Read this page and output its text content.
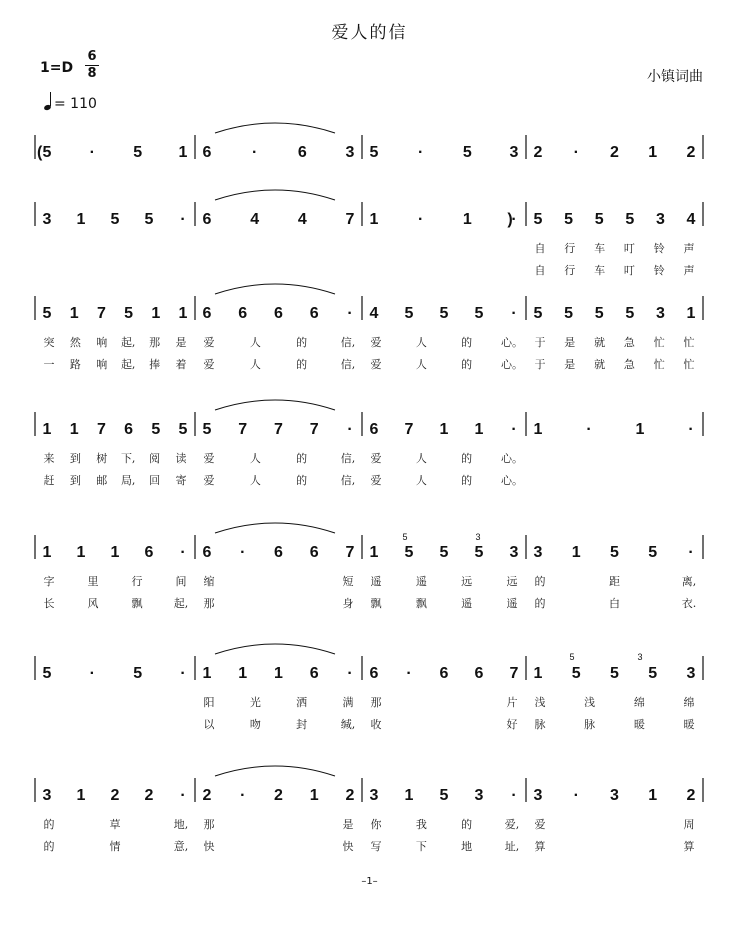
爱人的信
1=D
6
8
= 110
小镇词曲
5 · 5 1 6	·	6 3 5 · 5 3 2 · 2 1 2
3 1 5 5 · 6 4 4 7 1 · 1 · 5 5 5 5 3 4
自 行 车 叮 铃 声
自 行 车 叮 铃 声
5 1 7 5 1 1
突 然 响 起, 那 是
一 路 响 起, 捧 着
6 6 6 6 ·
爱	人	的	信,
爱	人	的	信,
4 5 5 5 ·
爱	人	的	心。
爱	人	的	心。
5 5 5 5 3 1
于 是 就 急 忙 忙
于 是 就 急 忙 忙
1 1 7 6 5 5
来 到 树 下, 阅 读
赶 到 邮 局, 回 寄
5 7 7 7 ·
爱	人	的	信,
爱	人	的	信,
6 7 1 1 ·
爱	人	的	心。
爱	人	的	心。
1	·	1	·
1 1 1 6 ·
字	里	行	间
长	风	飘	起,
6 · 6 6 7
缩	短
那	身
1 5 5 5 3
遥	遥	远	远
飘	飘	遥	遥
3 1 5 5 ·
的	距	离,
的	白	衣.
5 · 5 · 1 1 1 6 ·
阳	光	洒	满
以	吻	封	缄,
6 · 6 6 7
那	片
收	好
1 5 5 5 3
浅	浅	绵	绵
脉	脉	暖	暖
3 1 2 2 ·
的	草	地,
的	情	意,
2 · 2 1 2
那	是
快	快
3 1 5 3 ·
你	我	的	爱,
写	下	地	址,
3 · 3 1 2
爱	周
算	算
(
)
5	3
5	3
–1–
